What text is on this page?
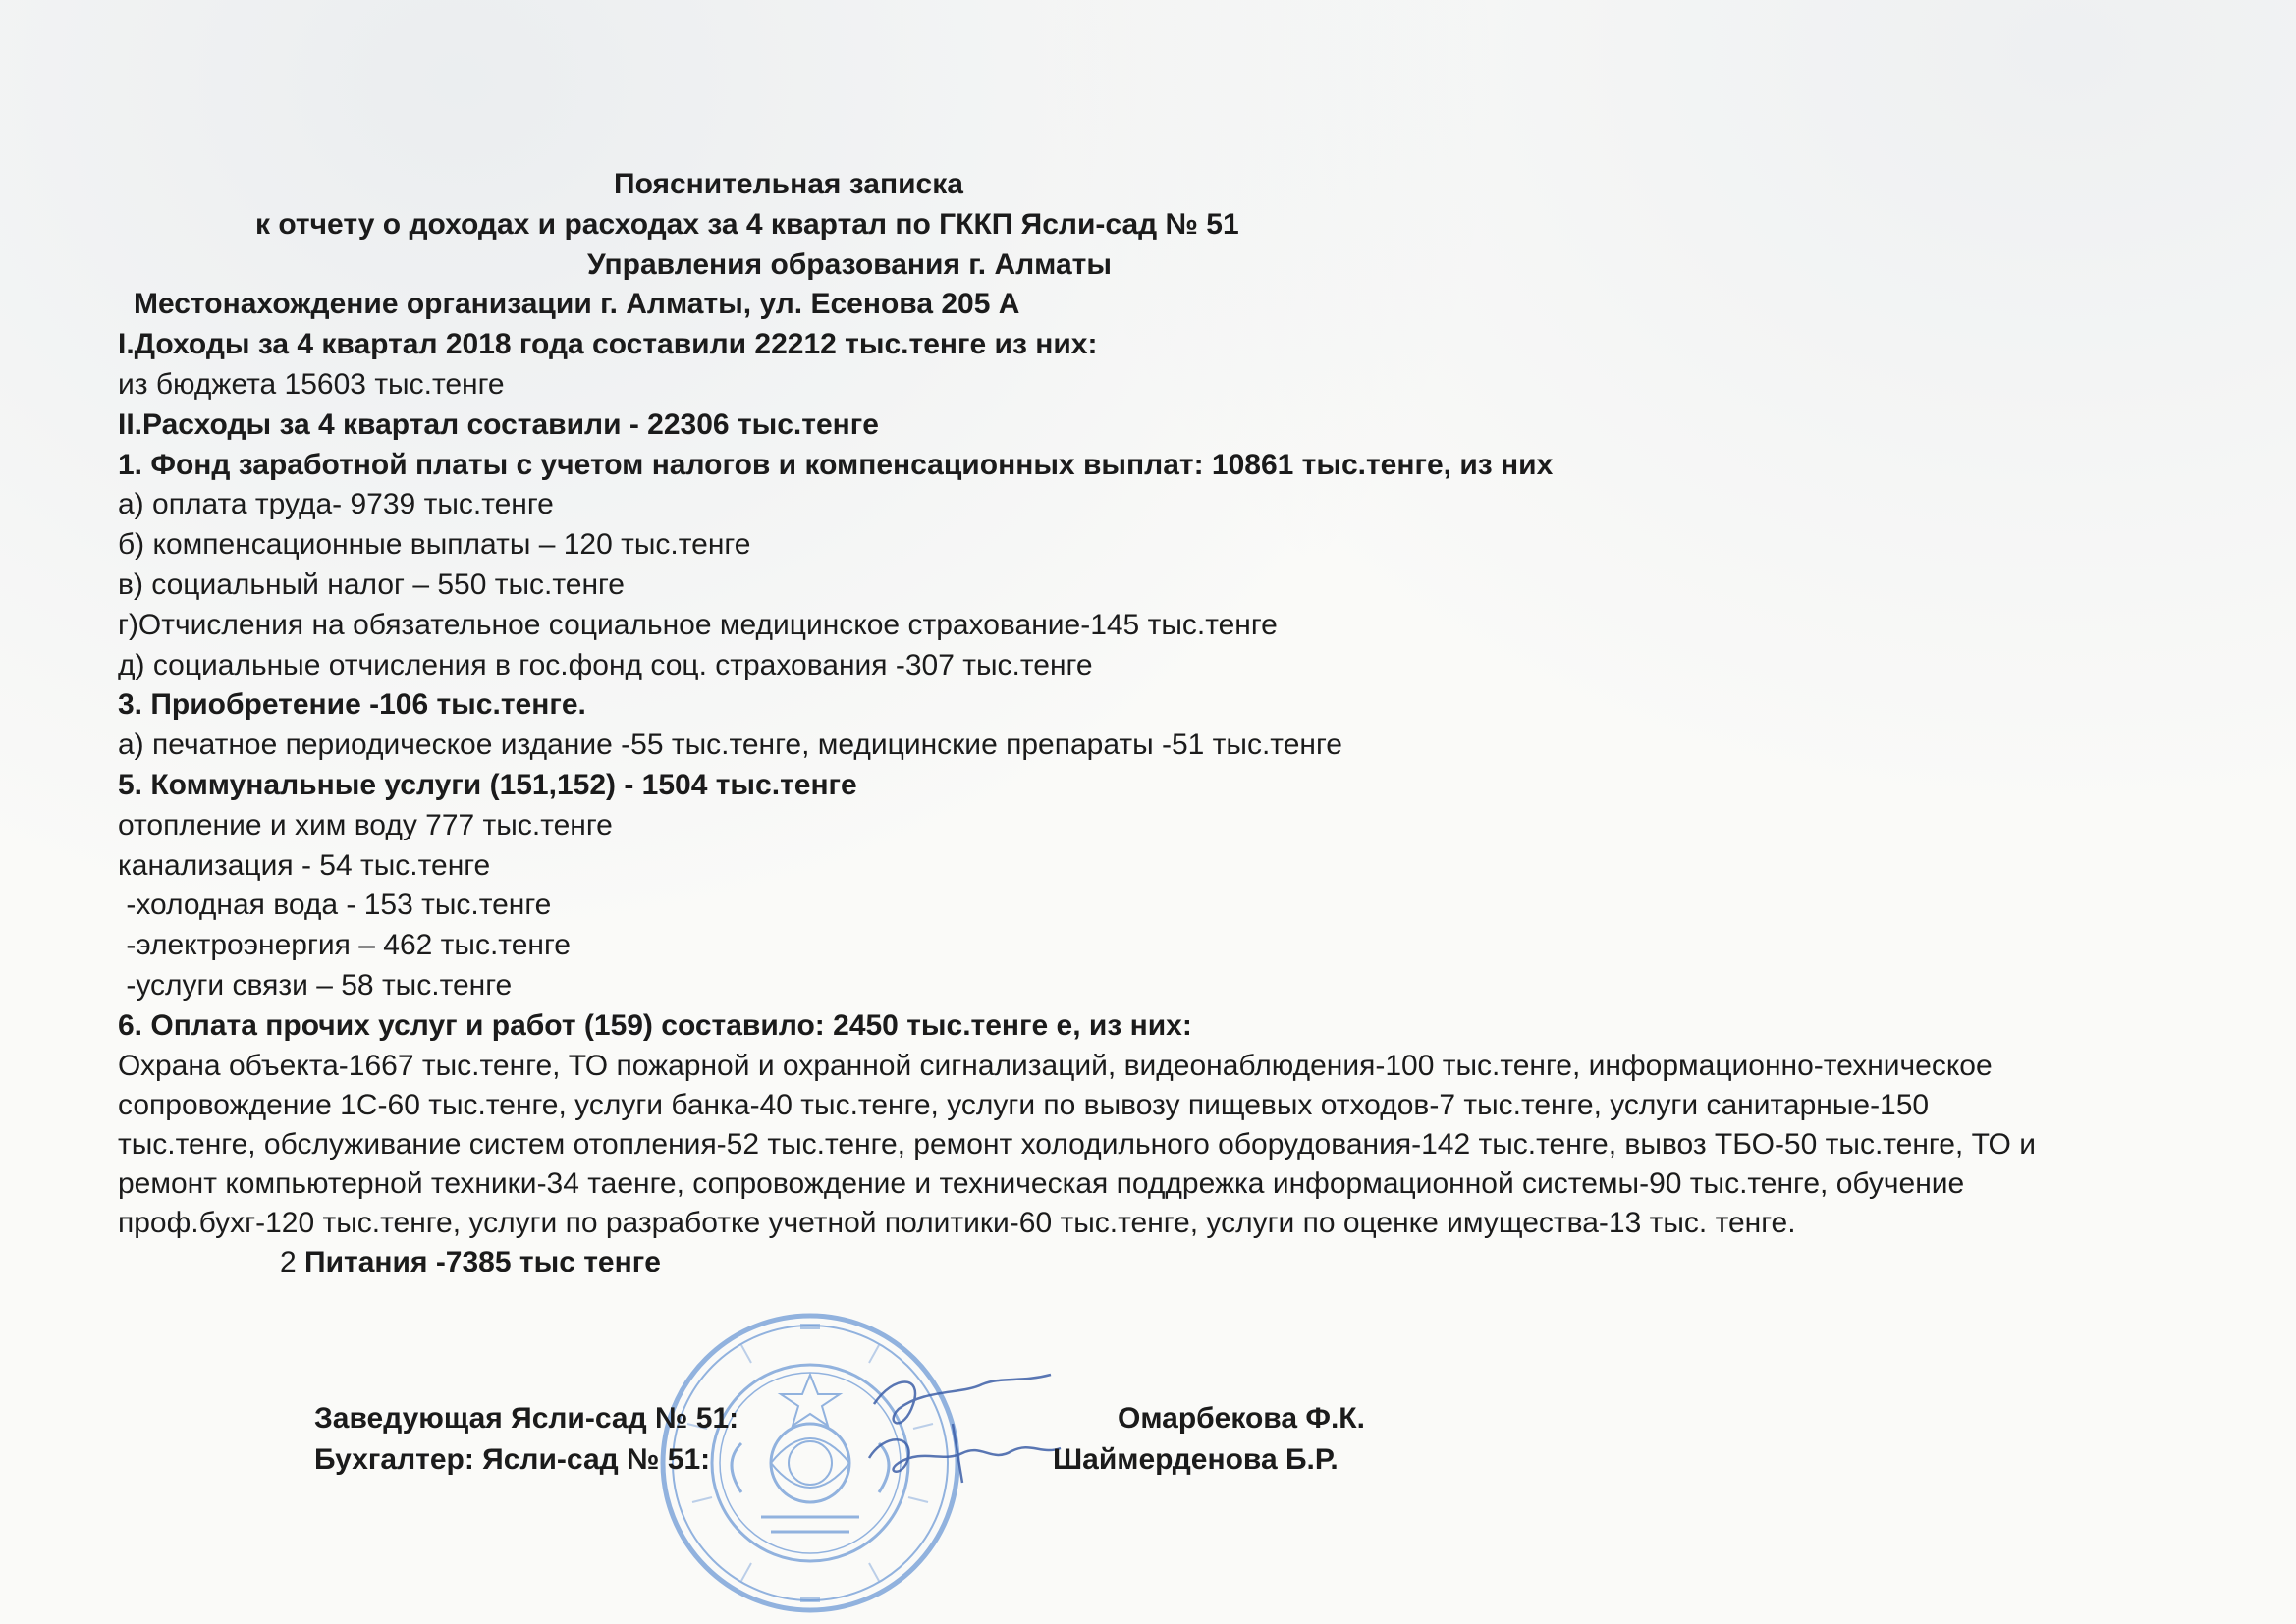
Пояснительная записка
к отчету о доходах и расходах за 4 квартал по ГККП Ясли-сад № 51
Управления образования г. Алматы
Местонахождение организации г. Алматы, ул. Есенова 205 А
I.Доходы за 4 квартал 2018 года составили 22212 тыс.тенге из них:
из бюджета 15603 тыс.тенге
II.Расходы за 4 квартал составили - 22306 тыс.тенге
1. Фонд заработной платы с учетом налогов и компенсационных выплат: 10861 тыс.тенге, из них
а) оплата труда- 9739 тыс.тенге
б) компенсационные выплаты – 120 тыс.тенге
в) социальный налог – 550 тыс.тенге
г)Отчисления на обязательное социальное медицинское страхование-145 тыс.тенге
д) социальные отчисления в гос.фонд соц. страхования -307 тыс.тенге
3. Приобретение -106 тыс.тенге.
а) печатное периодическое издание -55 тыс.тенге, медицинские препараты -51 тыс.тенге
5. Коммунальные услуги (151,152) - 1504 тыс.тенге
отопление и хим воду 777 тыс.тенге
канализация - 54 тыс.тенге
-холодная вода - 153 тыс.тенге
-электроэнергия – 462 тыс.тенге
-услуги связи – 58 тыс.тенге
6. Оплата прочих услуг и работ (159) составило: 2450 тыс.тенге е, из них:
Охрана объекта-1667 тыс.тенге, ТО пожарной и охранной сигнализаций, видеонаблюдения-100 тыс.тенге, информационно-техническое сопровождение 1С-60 тыс.тенге, услуги банка-40 тыс.тенге, услуги по вывозу пищевых отходов-7 тыс.тенге, услуги санитарные-150 тыс.тенге, обслуживание систем отопления-52 тыс.тенге, ремонт холодильного оборудования-142 тыс.тенге, вывоз ТБО-50 тыс.тенге, ТО и ремонт компьютерной техники-34 таенге, сопровождение и техническая поддрежка информационной системы-90 тыс.тенге, обучение проф.бухг-120 тыс.тенге, услуги по разработке учетной политики-60 тыс.тенге, услуги по оценке имущества-13 тыс. тенге.
2 Питания -7385 тыс тенге
Заведующая Ясли-сад № 51:	Омарбекова Ф.К.
Бухгалтер: Ясли-сад № 51:	Шаймерденова Б.Р.
